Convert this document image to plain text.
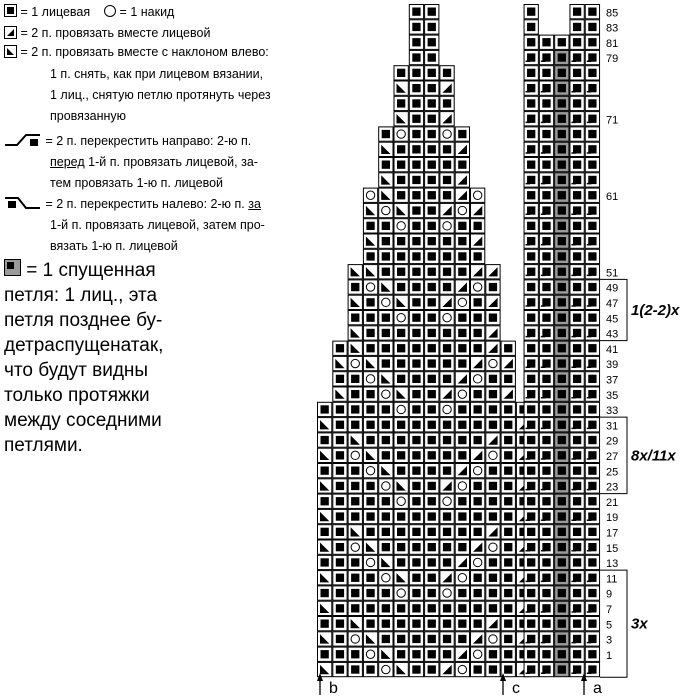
= 1 лицевая = 1 накид
= 2 п. провязать вместе лицевой
= 2 п. провязать вместе с наклоном влево:
1 п. снять, как при лицевом вязании,
1 лиц., снятую петлю протянуть через
провязанную
= 2 п. перекрестить направо: 2-ю п.
перед 1-й п. провязать лицевой, за-
тем провязать 1-ю п. лицевой
= 2 п. перекрестить налево: 2-ю п. за
1-й п. провязать лицевой, затем про-
вязать 1-ю п. лицевой
= 1 спущенная
петля: 1 лиц., эта
петля позднее бу-
детраспущенатак,
что будут видны
только протяжки
между соседними
петлями.
85
83
81
79
71
61
51
49
47
45
43
41
39
37
35
33
31
29
27
25
23
21
19
17
15
13
11
9
7
5
3
1
1(2-2)x
8x/11x
3x
b	c	a
